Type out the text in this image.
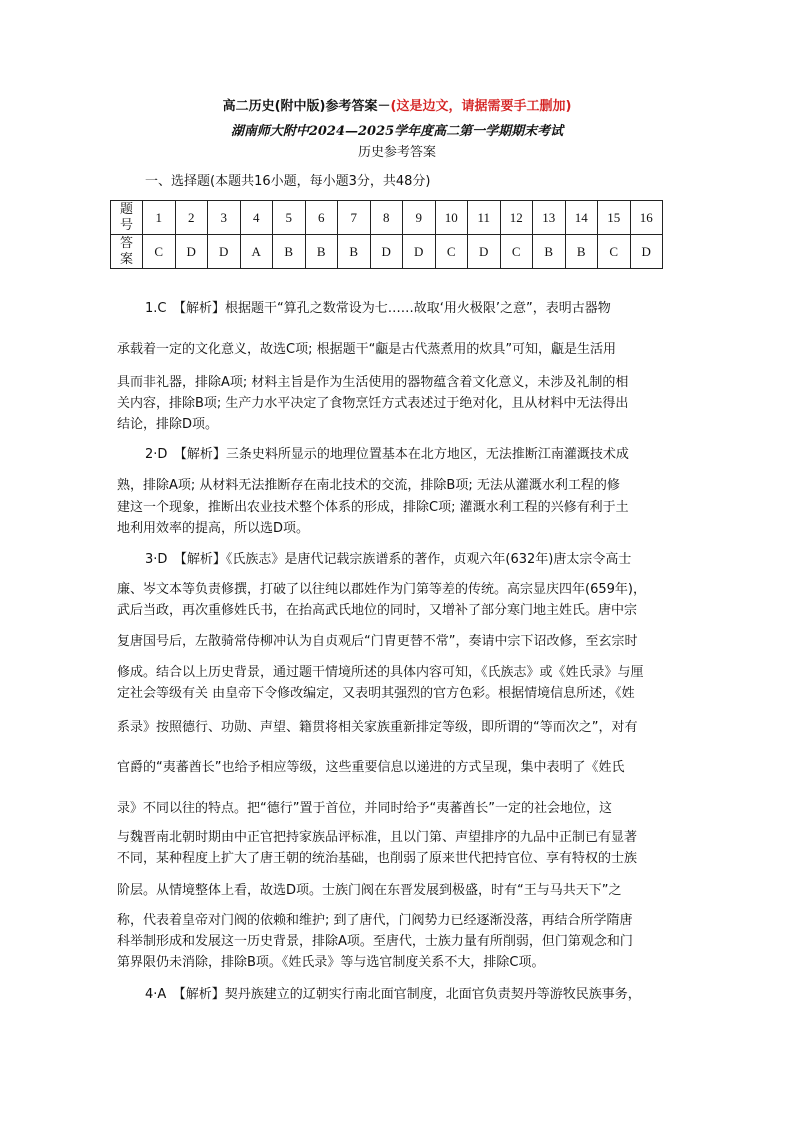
高二历史(附中版)参考答案－(这是边文，请据需要手工删加)
湖南师大附中2024—2025学年度高二第一学期期末考试
历史参考答案
一、选择题(本题共16小题，每小题3分，共48分)
题
号	1	2	3	4	5	6	7	8	9	10	11	12	13	14	15	16
答
案	C	D	D	A	B	B	B	D	D	C	D	C	B	B	C	D
1.C　【解析】根据题干“算孔之数常设为七……故取‘用火极限’之意”，表明古器物
承载着一定的文化意义，故选C项; 根据题干“甗是古代蒸煮用的炊具”可知，甗是生活用
具而非礼器，排除A项; 材料主旨是作为生活使用的器物蕴含着文化意义，未涉及礼制的相
关内容，排除B项; 生产力水平决定了食物烹饪方式表述过于绝对化，且从材料中无法得出
结论，排除D项。
2·D　【解析】三条史料所显示的地理位置基本在北方地区，无法推断江南灌溉技术成
熟，排除A项; 从材料无法推断存在南北技术的交流，排除B项; 无法从灌溉水利工程的修
建这一个现象，推断出农业技术整个体系的形成，排除C项; 灌溉水利工程的兴修有利于土
地利用效率的提高，所以选D项。
3·D　【解析】《氏族志》是唐代记载宗族谱系的著作，贞观六年(632年)唐太宗令高士
廉、岑文本等负责修撰，打破了以往纯以郡姓作为门第等差的传统。高宗显庆四年(659年)，
武后当政，再次重修姓氏书，在抬高武氏地位的同时，又增补了部分寒门地主姓氏。唐中宗
复唐国号后，左散骑常侍柳冲认为自贞观后“门胄更替不常”，奏请中宗下诏改修，至玄宗时
修成。结合以上历史背景，通过题干情境所述的具体内容可知，《氏族志》或《姓氏录》与厘
定社会等级有关 由皇帝下令修改编定，又表明其强烈的官方色彩。根据情境信息所述，《姓
系录》按照德行、功勋、声望、籍贯将相关家族重新排定等级，即所谓的“等而次之”，对有
官爵的“夷蕃酋长”也给予相应等级，这些重要信息以递进的方式呈现，集中表明了《姓氏
录》不同以往的特点。把“德行”置于首位，并同时给予“夷蕃酋长”一定的社会地位，这
与魏晋南北朝时期由中正官把持家族品评标准，且以门第、声望排序的九品中正制已有显著
不同，某种程度上扩大了唐王朝的统治基础，也削弱了原来世代把持官位、享有特权的士族
阶层。从情境整体上看，故选D项。士族门阀在东晋发展到极盛，时有“王与马共天下”之
称，代表着皇帝对门阀的依赖和维护; 到了唐代，门阀势力已经逐渐没落，再结合所学隋唐
科举制形成和发展这一历史背景，排除A项。至唐代，士族力量有所削弱，但门第观念和门
第界限仍未消除，排除B项。《姓氏录》等与选官制度关系不大，排除C项。
4·A　【解析】契丹族建立的辽朝实行南北面官制度，北面官负责契丹等游牧民族事务，
